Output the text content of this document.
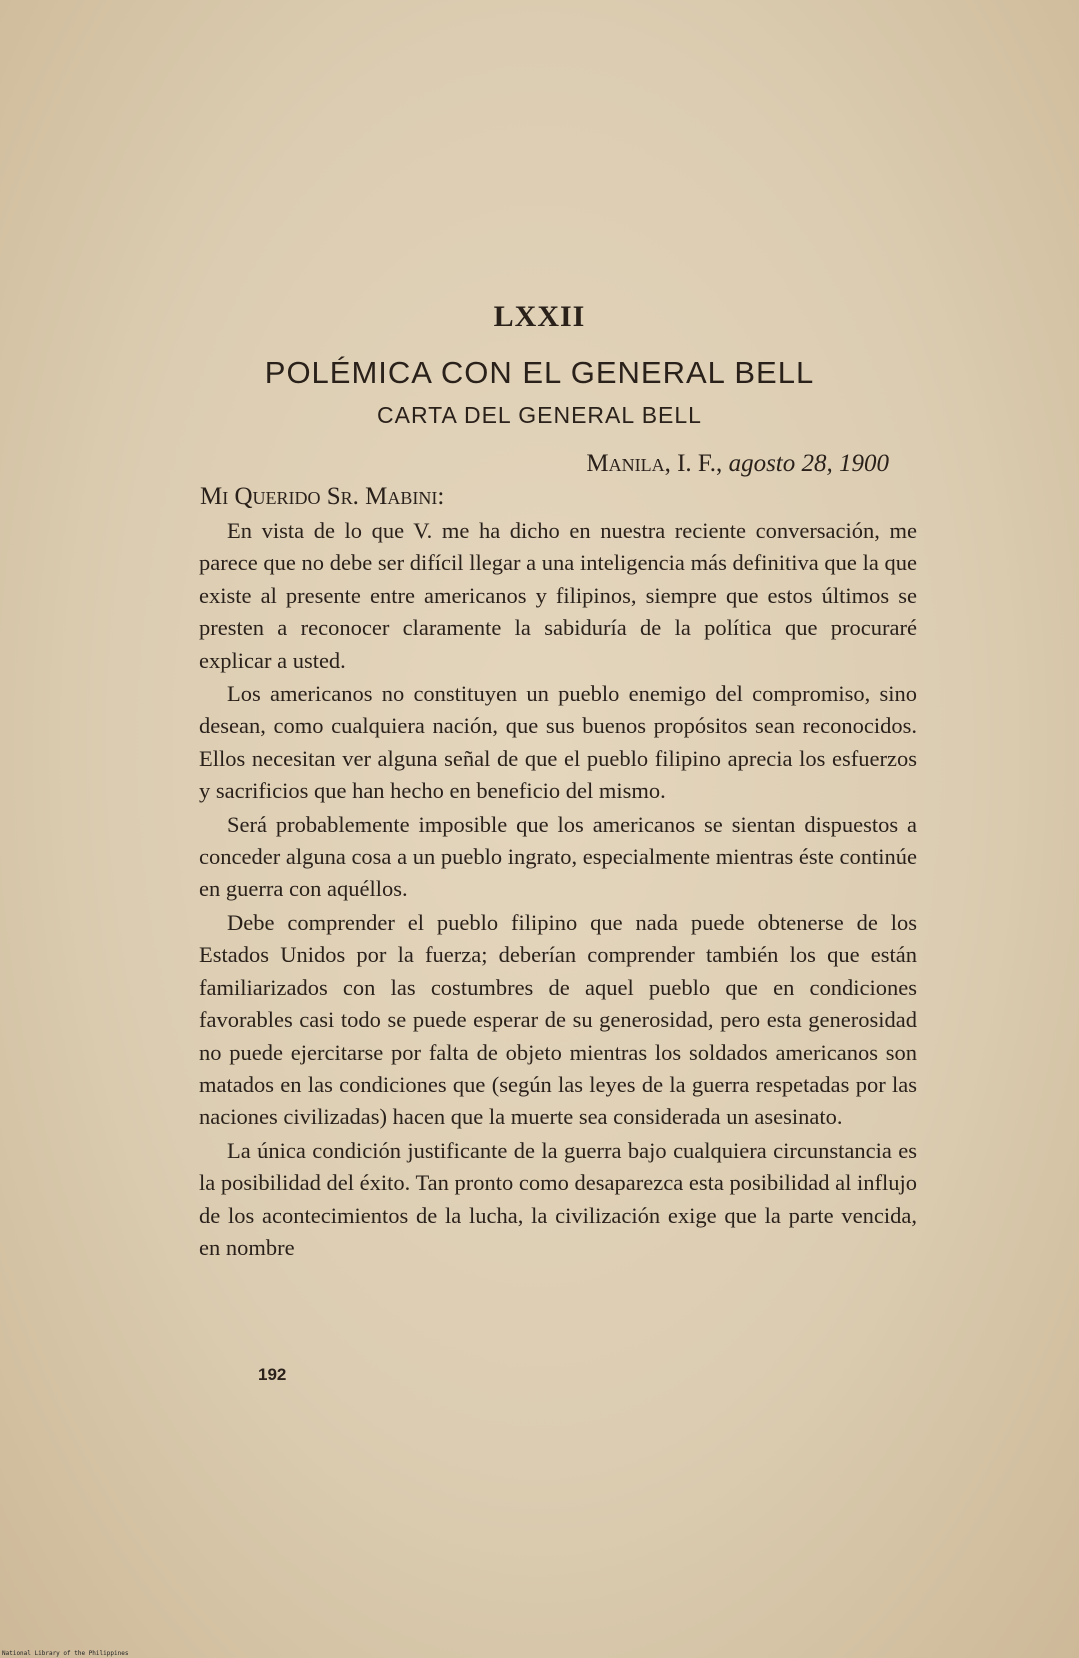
LXXII
POLÉMICA CON EL GENERAL BELL
CARTA DEL GENERAL BELL
Manila, I. F., agosto 28, 1900
Mi Querido Sr. Mabini:

En vista de lo que V. me ha dicho en nuestra reciente conversación, me parece que no debe ser difícil llegar a una inteligencia más definitiva que la que existe al presente entre americanos y filipinos, siempre que estos últimos se presten a reconocer claramente la sabiduría de la política que procuraré explicar a usted.

Los americanos no constituyen un pueblo enemigo del compromiso, sino desean, como cualquiera nación, que sus buenos propósitos sean reconocidos. Ellos necesitan ver alguna señal de que el pueblo filipino aprecia los esfuerzos y sacrificios que han hecho en beneficio del mismo.

Será probablemente imposible que los americanos se sientan dispuestos a conceder alguna cosa a un pueblo ingrato, especialmente mientras éste continúe en guerra con aquéllos.

Debe comprender el pueblo filipino que nada puede obtenerse de los Estados Unidos por la fuerza; deberían comprender también los que están familiarizados con las costumbres de aquel pueblo que en condiciones favorables casi todo se puede esperar de su generosidad, pero esta generosidad no puede ejercitarse por falta de objeto mientras los soldados americanos son matados en las condiciones que (según las leyes de la guerra respetadas por las naciones civilizadas) hacen que la muerte sea considerada un asesinato.

La única condición justificante de la guerra bajo cualquiera circunstancia es la posibilidad del éxito. Tan pronto como desaparezca esta posibilidad al influjo de los acontecimientos de la lucha, la civilización exige que la parte vencida, en nombre

192
National Library of the Philippines
